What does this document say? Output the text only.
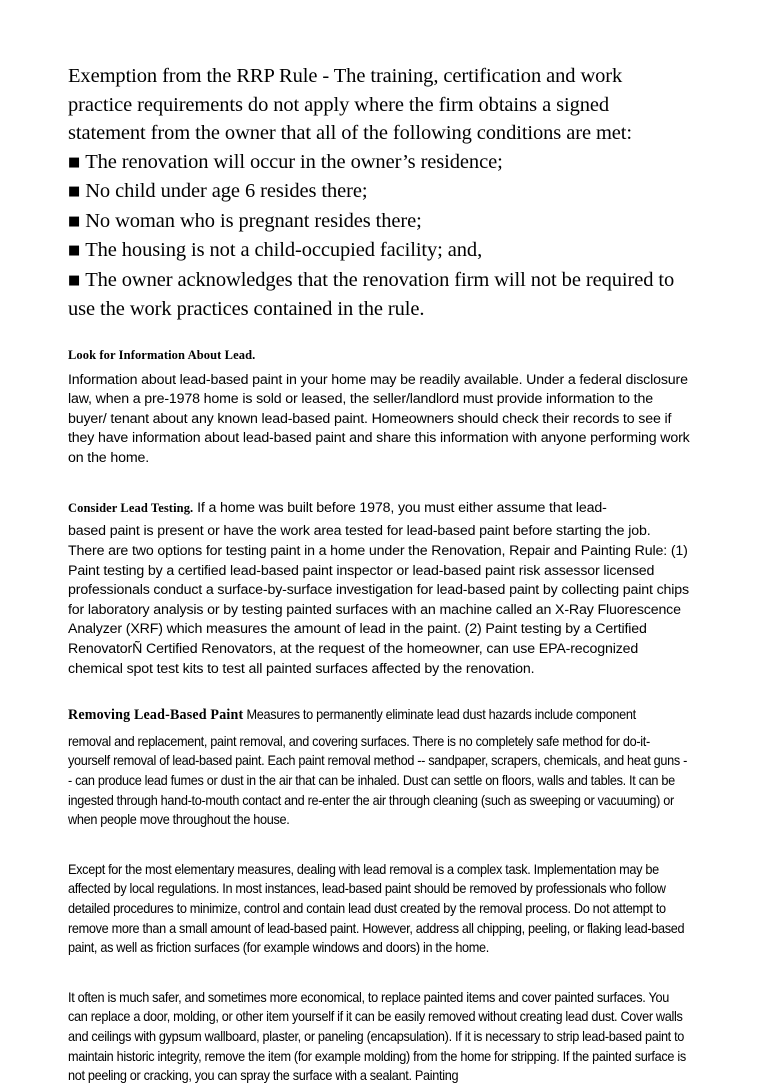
Exemption from the RRP Rule - The training, certification and work practice requirements do not apply where the firm obtains a signed statement from the owner that all of the following conditions are met:

■ The renovation will occur in the owner’s residence;
■ No child under age 6 resides there;
■ No woman who is pregnant resides there;
■ The housing is not a child-occupied facility; and,
■ The owner acknowledges that the renovation firm will not be required to use the work practices contained in the rule.
Look for Information About Lead.

Information about lead-based paint in your home may be readily available. Under a federal disclosure law, when a pre-1978 home is sold or leased, the seller/landlord must provide information to the buyer/ tenant about any known lead-based paint. Homeowners should check their records to see if they have information about lead-based paint and share this information with anyone performing work on the home.

Consider Lead Testing. If a home was built before 1978, you must either assume that lead-

based paint is present or have the work area tested for lead-based paint before starting the job. There are two options for testing paint in a home under the Renovation, Repair and Painting Rule: (1) Paint testing by a certified lead-based paint inspector or lead-based paint risk assessor licensed professionals conduct a surface-by-surface investigation for lead-based paint by collecting paint chips for laboratory analysis or by testing painted surfaces with an machine called an X-Ray Fluorescence Analyzer (XRF) which measures the amount of lead in the paint. (2) Paint testing by a Certified RenovatorÑ Certified Renovators, at the request of the homeowner, can use EPA-recognized chemical spot test kits to test all painted surfaces affected by the renovation.

Removing Lead-Based Paint Measures to permanently eliminate lead dust hazards include component

removal and replacement, paint removal, and covering surfaces. There is no completely safe method for do-it-yourself removal of lead-based paint. Each paint removal method -- sandpaper, scrapers, chemicals, and heat guns -- can produce lead fumes or dust in the air that can be inhaled. Dust can settle on floors, walls and tables. It can be ingested through hand-to-mouth contact and re-enter the air through cleaning (such as sweeping or vacuuming) or when people move throughout the house.

Except for the most elementary measures, dealing with lead removal is a complex task. Implementation may be affected by local regulations. In most instances, lead-based paint should be removed by professionals who follow detailed procedures to minimize, control and contain lead dust created by the removal process. Do not attempt to remove more than a small amount of lead-based paint. However, address all chipping, peeling, or flaking lead-based paint, as well as friction surfaces (for example windows and doors) in the home.

It often is much safer, and sometimes more economical, to replace painted items and cover painted surfaces. You can replace a door, molding, or other item yourself if it can be easily removed without creating lead dust. Cover walls and ceilings with gypsum wallboard, plaster, or paneling (encapsulation). If it is necessary to strip lead-based paint to maintain historic integrity, remove the item (for example molding) from the home for stripping. If the painted surface is not peeling or cracking, you can spray the surface with a sealant. Painting
